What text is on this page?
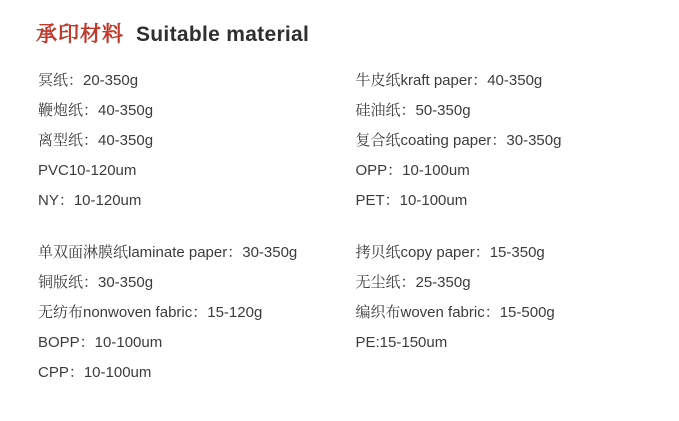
承印材料 Suitable material
冥纸：20-350g
鞭炮纸：40-350g
离型纸：40-350g
PVC10-120um
NY：10-120um
单双面淋膜纸laminate paper：30-350g
铜版纸：30-350g
无纺布nonwoven fabric：15-120g
BOPP：10-100um
CPP：10-100um
牛皮纸kraft paper：40-350g
硅油纸：50-350g
复合纸coating paper：30-350g
OPP：10-100um
PET：10-100um
拷贝纸copy paper：15-350g
无尘纸：25-350g
编织布woven fabric：15-500g
PE:15-150um
